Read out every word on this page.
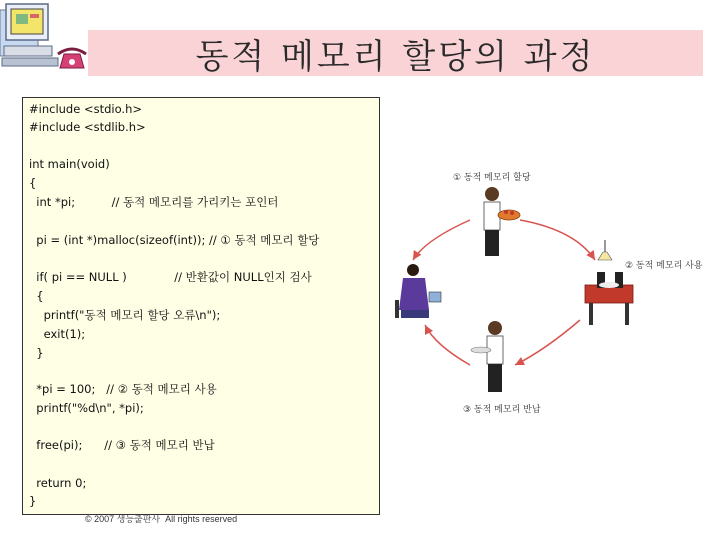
동적 메모리 할당의 과정
#include <stdio.h>
#include <stdlib.h>
int main(void)
{
int *pi;          // 동적 메모리를 가리키는 포인터
pi = (int *)malloc(sizeof(int)); // ① 동적 메모리 할당
if( pi == NULL )             // 반환값이 NULL인지 검사
{
printf("동적 메모리 할당 오류\n");
exit(1);
}
*pi = 100;   // ② 동적 메모리 사용
printf("%d\n", *pi);
free(pi);      // ③ 동적 메모리 반납
return 0;
}
© 2007 생능출판사  All rights reserved
① 동적 메모리 할당
② 동적 메모리 사용
③ 동적 메모리 반납
